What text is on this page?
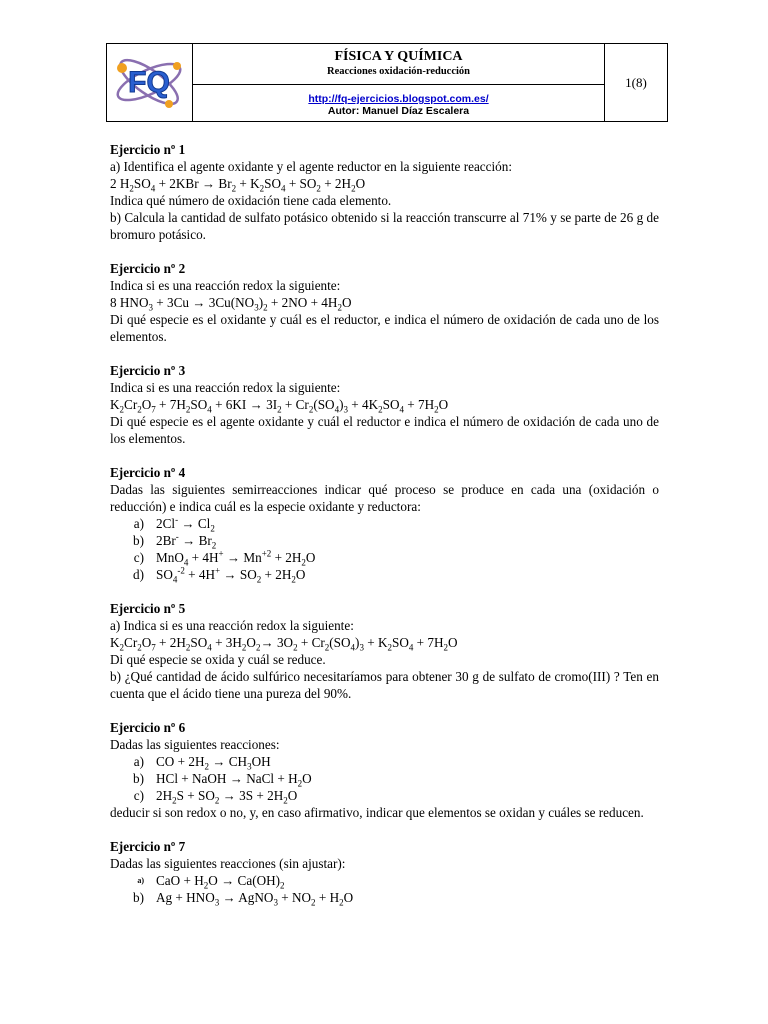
FQ
FÍSICA Y QUÍMICA
Reacciones oxidación-reducción
http://fq-ejercicios.blogspot.com.es/
Autor: Manuel Díaz Escalera
1(8)
Ejercicio nº 1
a) Identifica el agente oxidante y el agente reductor en la siguiente reacción:
2 $H_2SO_4 + 2KBr \to Br_2 + K_2SO_4 + SO_2 + 2H_2O$
Indica qué número de oxidación tiene cada elemento.
b) Calcula la cantidad de sulfato potásico obtenido si la reacción transcurre al 71% y se parte de 26 g de bromuro potásico.
Ejercicio nº 2
Indica si es una reacción redox la siguiente:
8 $HNO_3 + 3Cu \to 3Cu(NO_3)_2 + 2NO + 4H_2O$
Di qué especie es el oxidante y cuál es el reductor, e indica el número de oxidación de cada uno de los elementos.
Ejercicio nº 3
Indica si es una reacción redox la siguiente:
$K_2Cr_2O_7 + 7H_2SO_4 + 6KI \to 3I_2 + Cr_2(SO_4)_3 + 4K_2SO_4 + 7H_2O$
Di qué especie es el agente oxidante y cuál el reductor e indica el número de oxidación de cada uno de los elementos.
Ejercicio nº 4
Dadas las siguientes semirreacciones indicar qué proceso se produce en cada una (oxidación o reducción) e indica cuál es la especie oxidante y reductora:
a) $2Cl^- \to Cl_2$
b) $2Br^- \to Br_2$
c) $MnO_4 + 4H^+ \to Mn^{+2} + 2H_2O$
d) $SO_4^{-2} + 4H^+ \to SO_2 + 2H_2O$
Ejercicio nº 5
a) Indica si es una reacción redox la siguiente:
$K_2Cr_2O_7 + 2H_2SO_4 + 3H_2O_2\to 3O_2 + Cr_2(SO_4)_3 + K_2SO_4 + 7H_2O$
Di qué especie se oxida y cuál se reduce.
b) ¿Qué cantidad de ácido sulfúrico necesitaríamos para obtener 30 g de sulfato de cromo(III) ? Ten en cuenta que el ácido tiene una pureza del 90%.
Ejercicio nº 6
Dadas las siguientes reacciones:
a) CO + $2H_2 \to CH_3OH$
b) HCl + NaOH → NaCl + $H_2O$
c) $2H_2S + SO_2 \to 3S + 2H_2O$
deducir si son redox o no, y, en caso afirmativo, indicar que elementos se oxidan y cuáles se reducen.
Ejercicio nº 7
Dadas las siguientes reacciones (sin ajustar):
a) CaO + $H_2O \to Ca(OH)_2$
b) $Ag + HNO_3$ → AgNO$_3$ + $NO_2 + H_2O$
